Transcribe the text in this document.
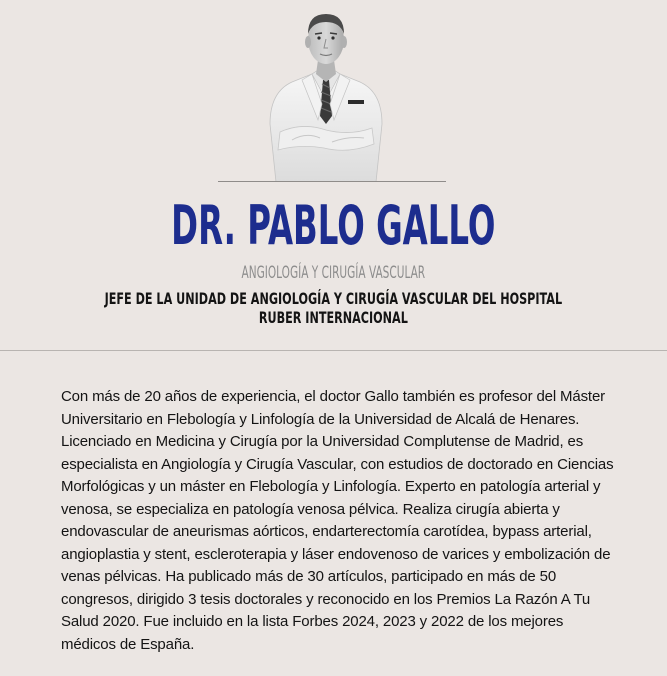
DR. PABLO GALLO
ANGIOLOGÍA Y CIRUGÍA VASCULAR
JEFE DE LA UNIDAD DE ANGIOLOGÍA Y CIRUGÍA VASCULAR DEL HOSPITAL
RUBER INTERNACIONAL

Con más de 20 años de experiencia, el doctor Gallo también es profesor del Máster
Universitario en Flebología y Linfología de la Universidad de Alcalá de Henares.
Licenciado en Medicina y Cirugía por la Universidad Complutense de Madrid, es
especialista en Angiología y Cirugía Vascular, con estudios de doctorado en Ciencias
Morfológicas y un máster en Flebología y Linfología. Experto en patología arterial y
venosa, se especializa en patología venosa pélvica. Realiza cirugía abierta y
endovascular de aneurismas aórticos, endarterectomía carotídea, bypass arterial,
angioplastia y stent, escleroterapia y láser endovenoso de varices y embolización de
venas pélvicas. Ha publicado más de 30 artículos, participado en más de 50
congresos, dirigido 3 tesis doctorales y reconocido en los Premios La Razón A Tu
Salud 2020. Fue incluido en la lista Forbes 2024, 2023 y 2022 de los mejores
médicos de España.
